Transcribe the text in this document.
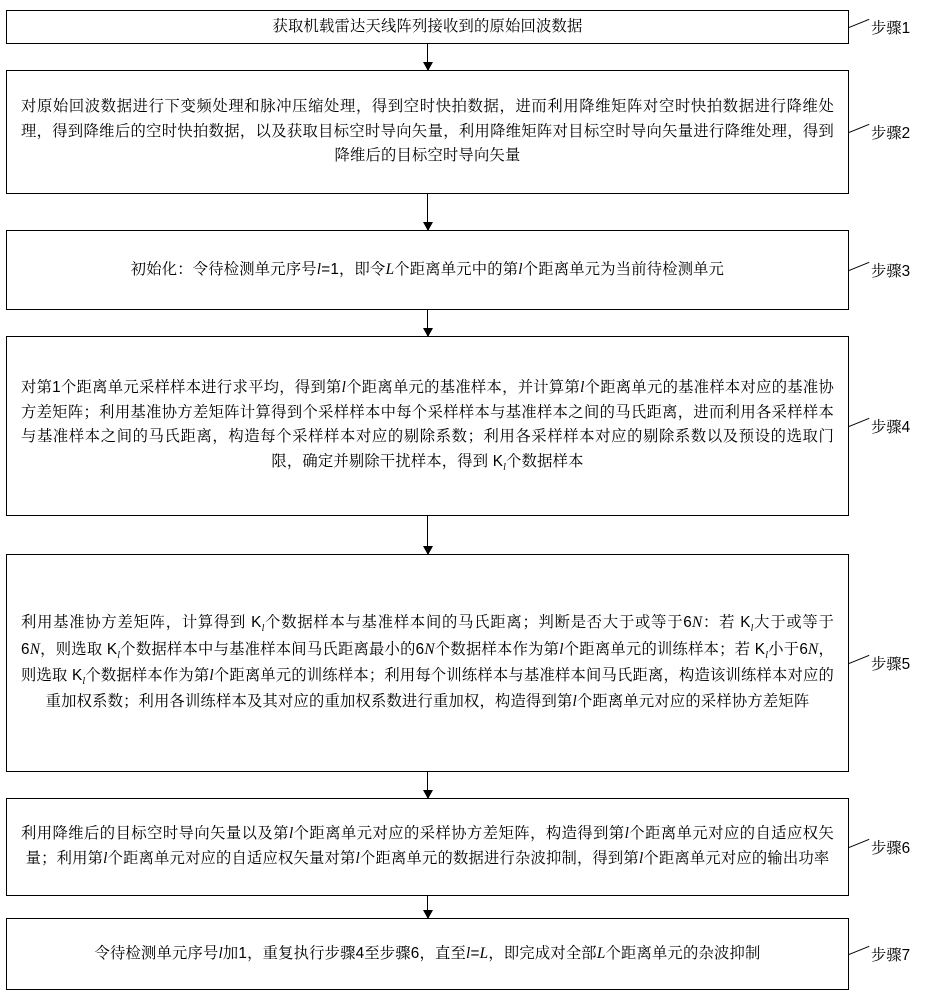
获取机载雷达天线阵列接收到的原始回波数据	步骤1
对原始回波数据进行下变频处理和脉冲压缩处理，得到空时快拍数据，进而利用降维矩阵对空时快拍数据进行降维处理，得到降维后的空时快拍数据，以及获取目标空时导向矢量，利用降维矩阵对目标空时导向矢量进行降维处理，得到降维后的目标空时导向矢量
步骤2
初始化：令待检测单元序号l=1，即令L个距离单元中的第l个距离单元为当前待检测单元	步骤3
对第1个距离单元采样样本进行求平均，得到第l个距离单元的基准样本，并计算第l个距离单元的基准样本对应的基准协方差矩阵；利用基准协方差矩阵计算得到个采样样本中每个采样样本与基准样本之间的马氏距离，进而利用各采样样本与基准样本之间的马氏距离，构造每个采样样本对应的剔除系数；利用各采样样本对应的剔除系数以及预设的选取门限，确定并剔除干扰样本，得到 $K_l$个数据样本
步骤4
利用基准协方差矩阵，计算得到 $K_l$个数据样本与基准样本间的马氏距离；判断是否大于或等于6N：若 $K_l$大于或等于6N，则选取 $K_l$个数据样本中与基准样本间马氏距离最小的6N个数据样本作为第l个距离单元的训练样本；若 $K_l$小于6N，则选取 $K_l$个数据样本作为第l个距离单元的训练样本；利用每个训练样本与基准样本间马氏距离，构造该训练样本对应的重加权系数；利用各训练样本及其对应的重加权系数进行重加权，构造得到第l个距离单元对应的采样协方差矩阵
步骤5
利用降维后的目标空时导向矢量以及第l个距离单元对应的采样协方差矩阵，构造得到第l个距离单元对应的自适应权矢量；利用第l个距离单元对应的自适应权矢量对第l个距离单元的数据进行杂波抑制，得到第l个距离单元对应的输出功率
步骤6
令待检测单元序号l加1，重复执行步骤4至步骤6，直至l=L，即完成对全部L个距离单元的杂波抑制	步骤7
